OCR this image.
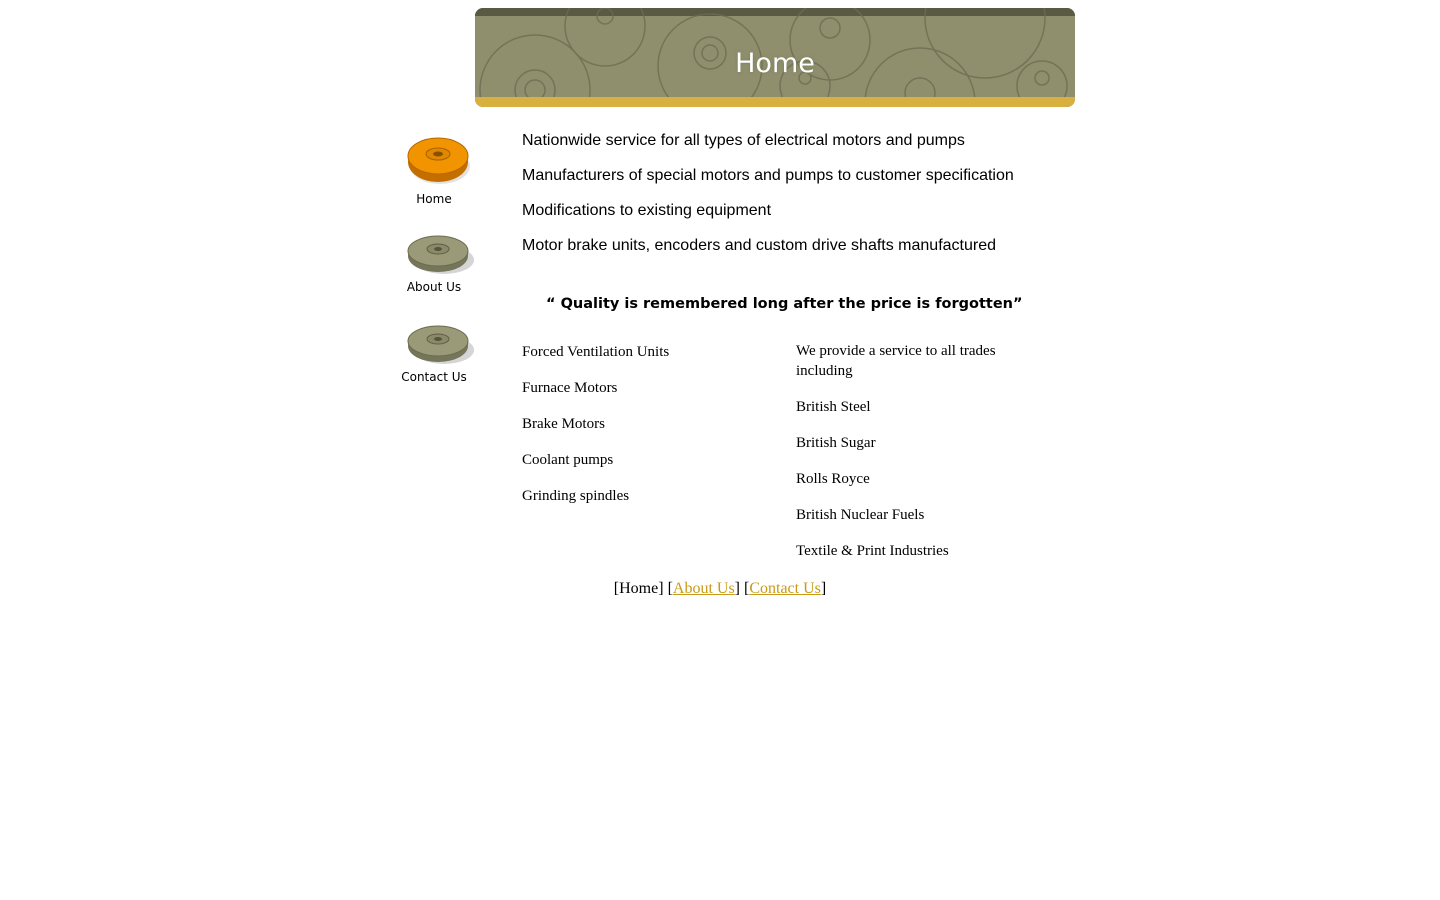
Home
Home
About Us
Contact Us

Nationwide service for all types of electrical motors and pumps

Manufacturers of special motors and pumps to customer specification

Modifications to existing equipment

Motor brake units, encoders and custom drive shafts manufactured

“ Quality is remembered long after the price is forgotten”

Forced Ventilation Units

Furnace Motors

Brake Motors

Coolant pumps

Grinding spindles

We provide a service to all trades including

British Steel

British Sugar

Rolls Royce

British Nuclear Fuels

Textile & Print Industries

[Home] [About Us] [Contact Us]
